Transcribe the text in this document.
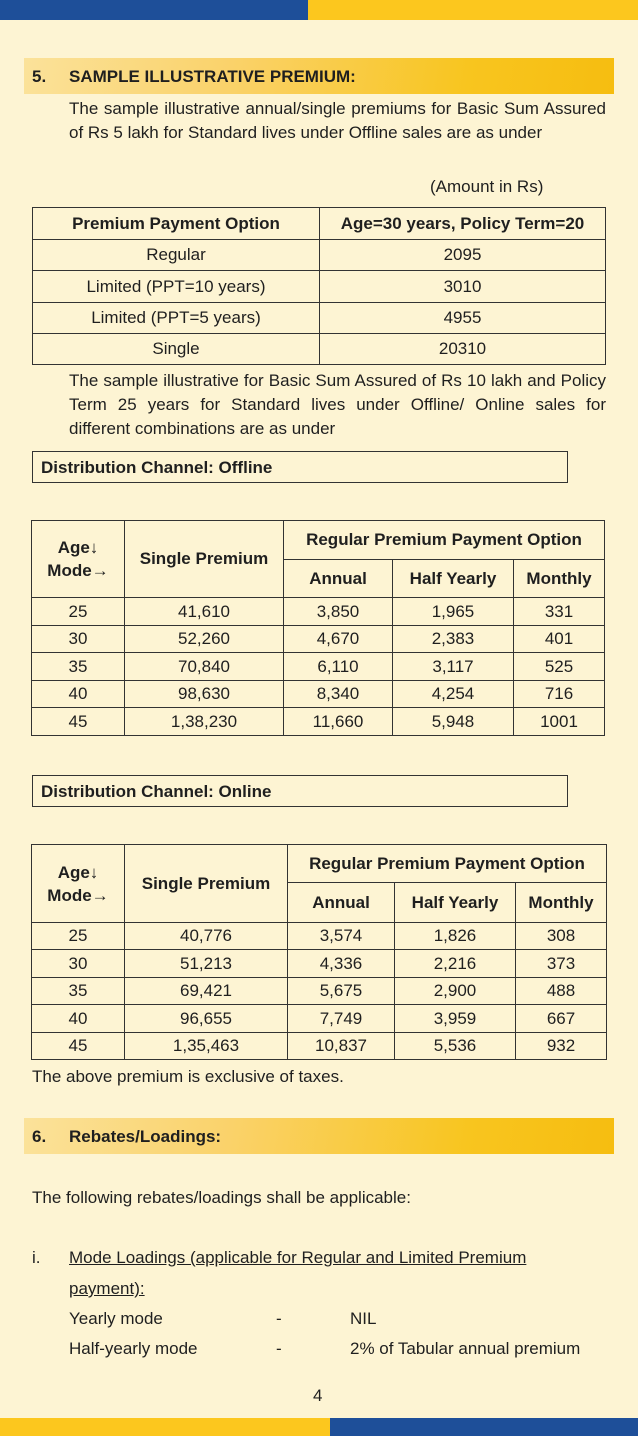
5. SAMPLE ILLUSTRATIVE PREMIUM:
The sample illustrative annual/single premiums for Basic Sum Assured of Rs 5 lakh for Standard lives under Offline sales are as under
(Amount in Rs)
Premium Payment Option	Age=30 years, Policy Term=20
Regular	2095
Limited (PPT=10 years)	3010
Limited (PPT=5 years)	4955
Single	20310
The sample illustrative for Basic Sum Assured of Rs 10 lakh and Policy Term 25 years for Standard lives under Offline/ Online sales for different combinations are as under
Distribution Channel: Offline
Age↓
Mode→	Single Premium	Regular Premium Payment Option		
		Annual	Half Yearly	Monthly
25	41,610	3,850	1,965	331
30	52,260	4,670	2,383	401
35	70,840	6,110	3,117	525
40	98,630	8,340	4,254	716
45	1,38,230	11,660	5,948	1001
Distribution Channel: Online
Age↓
Mode→	Single Premium	Regular Premium Payment Option		
		Annual	Half Yearly	Monthly
25	40,776	3,574	1,826	308
30	51,213	4,336	2,216	373
35	69,421	5,675	2,900	488
40	96,655	7,749	3,959	667
45	1,35,463	10,837	5,536	932
The above premium is exclusive of taxes.
6. Rebates/Loadings:
The following rebates/loadings shall be applicable:
i. Mode Loadings (applicable for Regular and Limited Premium
payment):
Yearly mode	-	NIL
Half-yearly mode	-	2% of Tabular annual premium
4
